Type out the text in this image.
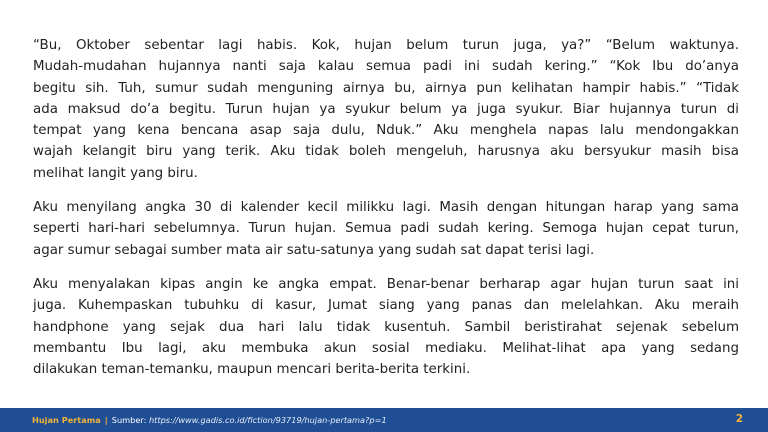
“Bu, Oktober sebentar lagi habis. Kok, hujan belum turun juga, ya?” “Belum waktunya.
Mudah-mudahan hujannya nanti saja kalau semua padi ini sudah kering.” “Kok Ibu do’anya
begitu sih. Tuh, sumur sudah menguning airnya bu, airnya pun kelihatan hampir habis.” “Tidak
ada maksud do’a begitu. Turun hujan ya syukur belum ya juga syukur. Biar hujannya turun di
tempat yang kena bencana asap saja dulu, Nduk.” Aku menghela napas lalu mendongakkan
wajah kelangit biru yang terik. Aku tidak boleh mengeluh, harusnya aku bersyukur masih bisa
melihat langit yang biru.
Aku menyilang angka 30 di kalender kecil milikku lagi. Masih dengan hitungan harap yang sama
seperti hari-hari sebelumnya. Turun hujan. Semua padi sudah kering. Semoga hujan cepat turun,
agar sumur sebagai sumber mata air satu-satunya yang sudah sat dapat terisi lagi.
Aku menyalakan kipas angin ke angka empat. Benar-benar berharap agar hujan turun saat ini
juga. Kuhempaskan tubuhku di kasur, Jumat siang yang panas dan melelahkan. Aku meraih
handphone yang sejak dua hari lalu tidak kusentuh. Sambil beristirahat sejenak sebelum
membantu Ibu lagi, aku membuka akun sosial mediaku. Melihat-lihat apa yang sedang
dilakukan teman-temanku, maupun mencari berita-berita terkini.
Hujan Pertama | Sumber: https://www.gadis.co.id/fiction/93719/hujan-pertama?p=1	2
